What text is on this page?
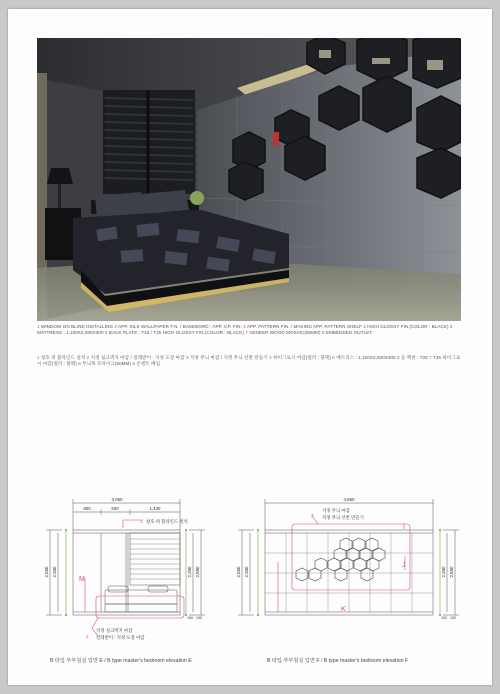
1 WINDOW ON BLIND INSTALLING 2 APP. SILK WALLPAPER F.N. / BASEBORD : APP. V.P. FIN. 3 APP. PATTERN FIN. / MAKING APP. PATTERN SHELF 4 HIGH GLOSSY FIN.(COLOR : BLACK) 5 MATTRESS : 1,100X2,000X300 6 BACK PLATE : T25 / T25 HIGH GLOSSY FIN.(COLOR : BLACK) 7 VENEER WOOD MOSAIC(50MM) 8 EMBEDDED OUTLET
1 창호 위 블라인드 설치 2 지정 실크벽지 마감 / 걸레받이 : 지정 도장 마감 3 지정 무늬 마감 / 지정 무늬 선반 만들기 4 하이그로시 마감(컬러 : 블랙) 5 매트리스 : 1,100X2,000X300 6 등 백판 : T25 7 T25 하이그로시 마감(컬러 : 블랙) 8 무늬목 모자이크(50MM) 9 콘센트 매입
3,060
800	830	1,430
2,850 2,350	2,350 2,850
100 100
1 창호 위 블라인드 설치
2
지정 실크벽지 마감
걸레받이 : 지정 도장 마감
M
4,860
2,850 2,350	2,350 2,850
100 100
3
지정 무늬 마감
지정 무늬 선반 만들기
I
J
K
B 타입 부부침실 입면 E / B type master's bedroom elevation E	B 타입 부부침실 입면 F / B type master's bedroom elevation F
